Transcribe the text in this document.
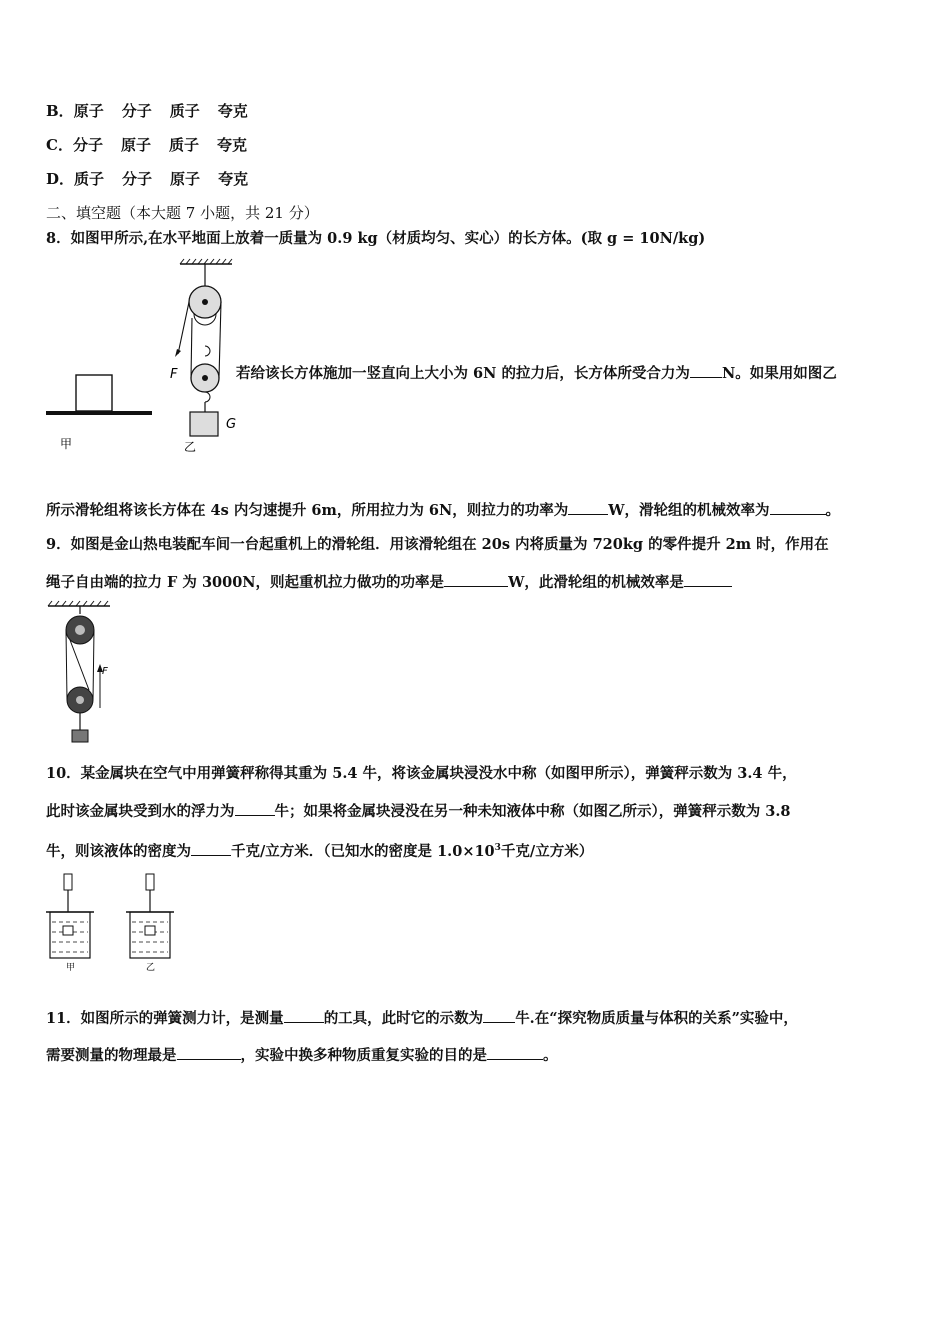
B．原子 分子 质子 夸克
C．分子 原子 质子 夸克
D．质子 分子 原子 夸克
二、填空题（本大题 7 小题，共 21 分）
8．如图甲所示,在水平地面上放着一质量为 0.9 kg（材质均匀、实心）的长方体。(取 g = 10N/kg)
甲
F
G
乙
若给该长方体施加一竖直向上大小为 6N 的拉力后，长方体所受合力为 N。如果用如图乙
所示滑轮组将该长方体在 4s 内匀速提升 6m，所用拉力为 6N，则拉力的功率为	W，滑轮组的机械效率为	。
9．如图是金山热电装配车间一台起重机上的滑轮组．用该滑轮组在 20s 内将质量为 720kg 的零件提升 2m 时，作用在
绳子自由端的拉力 F 为 3000N，则起重机拉力做功的功率是	W，此滑轮组的机械效率是
F
10．某金属块在空气中用弹簧秤称得其重为 5.4 牛，将该金属块浸没水中称（如图甲所示），弹簧秤示数为 3.4 牛，
此时该金属块受到水的浮力为	牛；如果将金属块浸没在另一种未知液体中称（如图乙所示），弹簧秤示数为 3.8
牛，则该液体的密度为	千克/立方米．（已知水的密度是 $1.0\times 10^3$千克/立方米）
甲	乙
11．如图所示的弹簧测力计，是测量	的工具，此时它的示数为 牛.在“探究物质质量与体积的关系”实验中，
需要测量的物理最是	，实验中换多种物质重复实验的目的是	。
